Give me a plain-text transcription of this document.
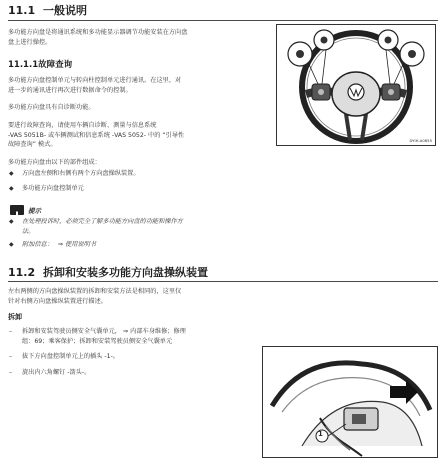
11.1 一般说明
多功能方向盘是将通讯系统和多功能显示器调节功能安装在方向盘
盘上进行操控。
11.1.1故障查询
多功能方向盘控制单元与转向柱控制单元进行通讯。在这里，对
进一步的通讯进行再次进行数据命令的控制。
多功能方向盘具有自诊断功能。
要进行故障查询，请使用车辆自诊断、测量与信息系统
-VAS 5051B- 或车辆测试和信息系统 -VAS 5052- 中的 “引导性
故障查询” 模式。
多功能方向盘由以下的部件组成：
◆ 方向盘左侧和右侧有两个方向盘操纵装置。
◆ 多功能方向盘控制单元
提示
◆ 在处理投诉时，必须完全了解多功能方向盘的功能和操作方
法。
◆ 附加信息： ⇒ 使用说明书
DYIH-A0655
11.2 拆卸和安装多功能方向盘操纵装置
左右两侧的方向盘操纵装置的拆卸和安装方法是相同的，这里仅
针对右侧方向盘操纵装置进行描述。
拆卸
– 拆卸和安装驾驶员侧安全气囊单元， ⇒ 内部车身维修；修理
组：69；乘客保护；拆卸和安装驾驶员侧安全气囊单元
– 拔下方向盘控制单元上的插头 -1-。
– 旋出内六角螺钉 -箭头-。
1
